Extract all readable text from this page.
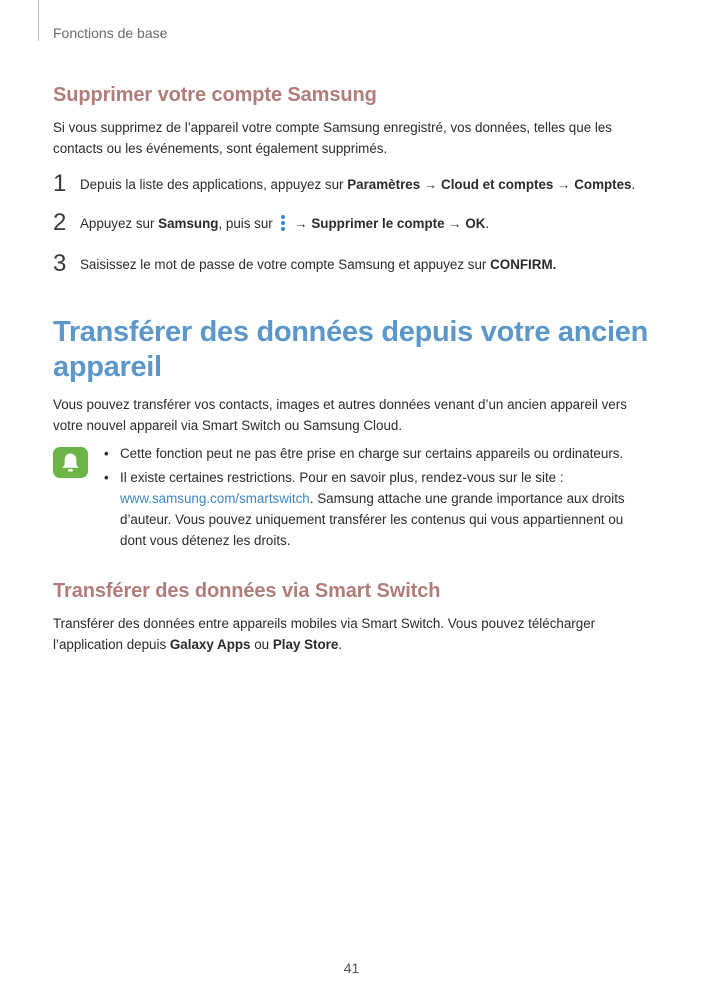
Fonctions de base
Supprimer votre compte Samsung

Si vous supprimez de l’appareil votre compte Samsung enregistré, vos données, telles que les contacts ou les événements, sont également supprimés.

1 Depuis la liste des applications, appuyez sur Paramètres → Cloud et comptes → Comptes.
2 Appuyez sur Samsung, puis sur
→ Supprimer le compte → OK.
3 Saisissez le mot de passe de votre compte Samsung et appuyez sur CONFIRM.
Transférer des données depuis votre ancien appareil

Vous pouvez transférer vos contacts, images et autres données venant d’un ancien appareil vers votre nouvel appareil via Smart Switch ou Samsung Cloud.

• Cette fonction peut ne pas être prise en charge sur certains appareils ou ordinateurs.
• Il existe certaines restrictions. Pour en savoir plus, rendez-vous sur le site : www.samsung.com/smartswitch. Samsung attache une grande importance aux droits d’auteur. Vous pouvez uniquement transférer les contenus qui vous appartiennent ou dont vous détenez les droits.
Transférer des données via Smart Switch

Transférer des données entre appareils mobiles via Smart Switch. Vous pouvez télécharger l’application depuis Galaxy Apps ou Play Store.

41
